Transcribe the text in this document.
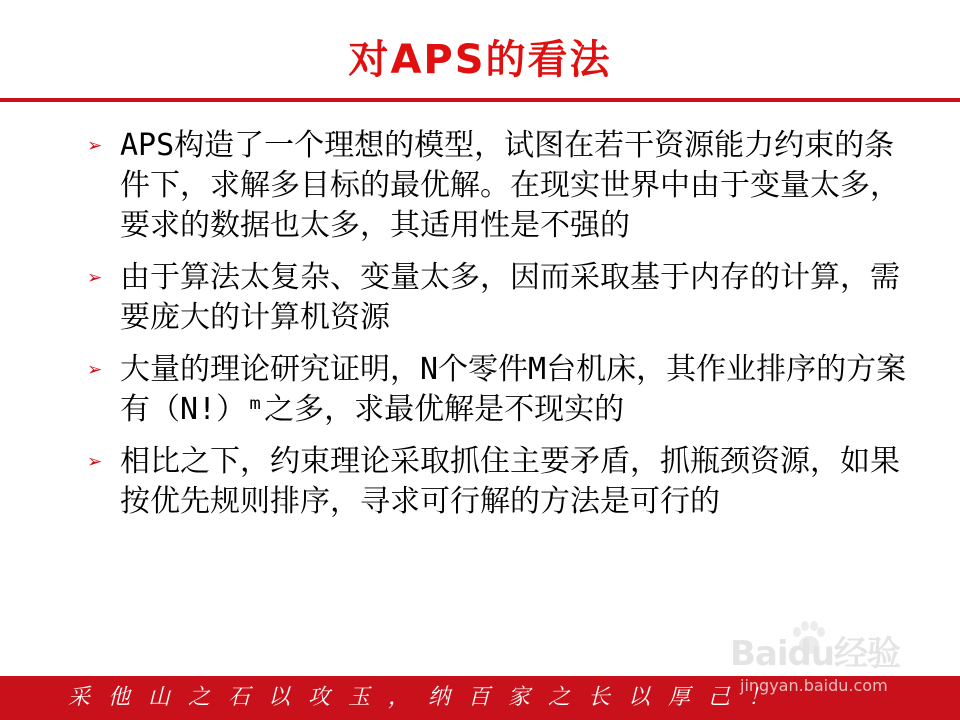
对APS的看法
➢ APS构造了一个理想的模型，试图在若干资源能力约束的条件下，求解多目标的最优解。在现实世界中由于变量太多，要求的数据也太多，其适用性是不强的
➢ 由于算法太复杂、变量太多，因而采取基于内存的计算，需要庞大的计算机资源
➢ 大量的理论研究证明，N个零件M台机床，其作业排序的方案有（N!）ᵐ之多，求最优解是不现实的
➢ 相比之下，约束理论采取抓住主要矛盾，抓瓶颈资源，如果按优先规则排序，寻求可行解的方法是可行的
采他山之石以攻玉，纳百家之长以厚己！
Baidu经验
jingyan.baidu.com
